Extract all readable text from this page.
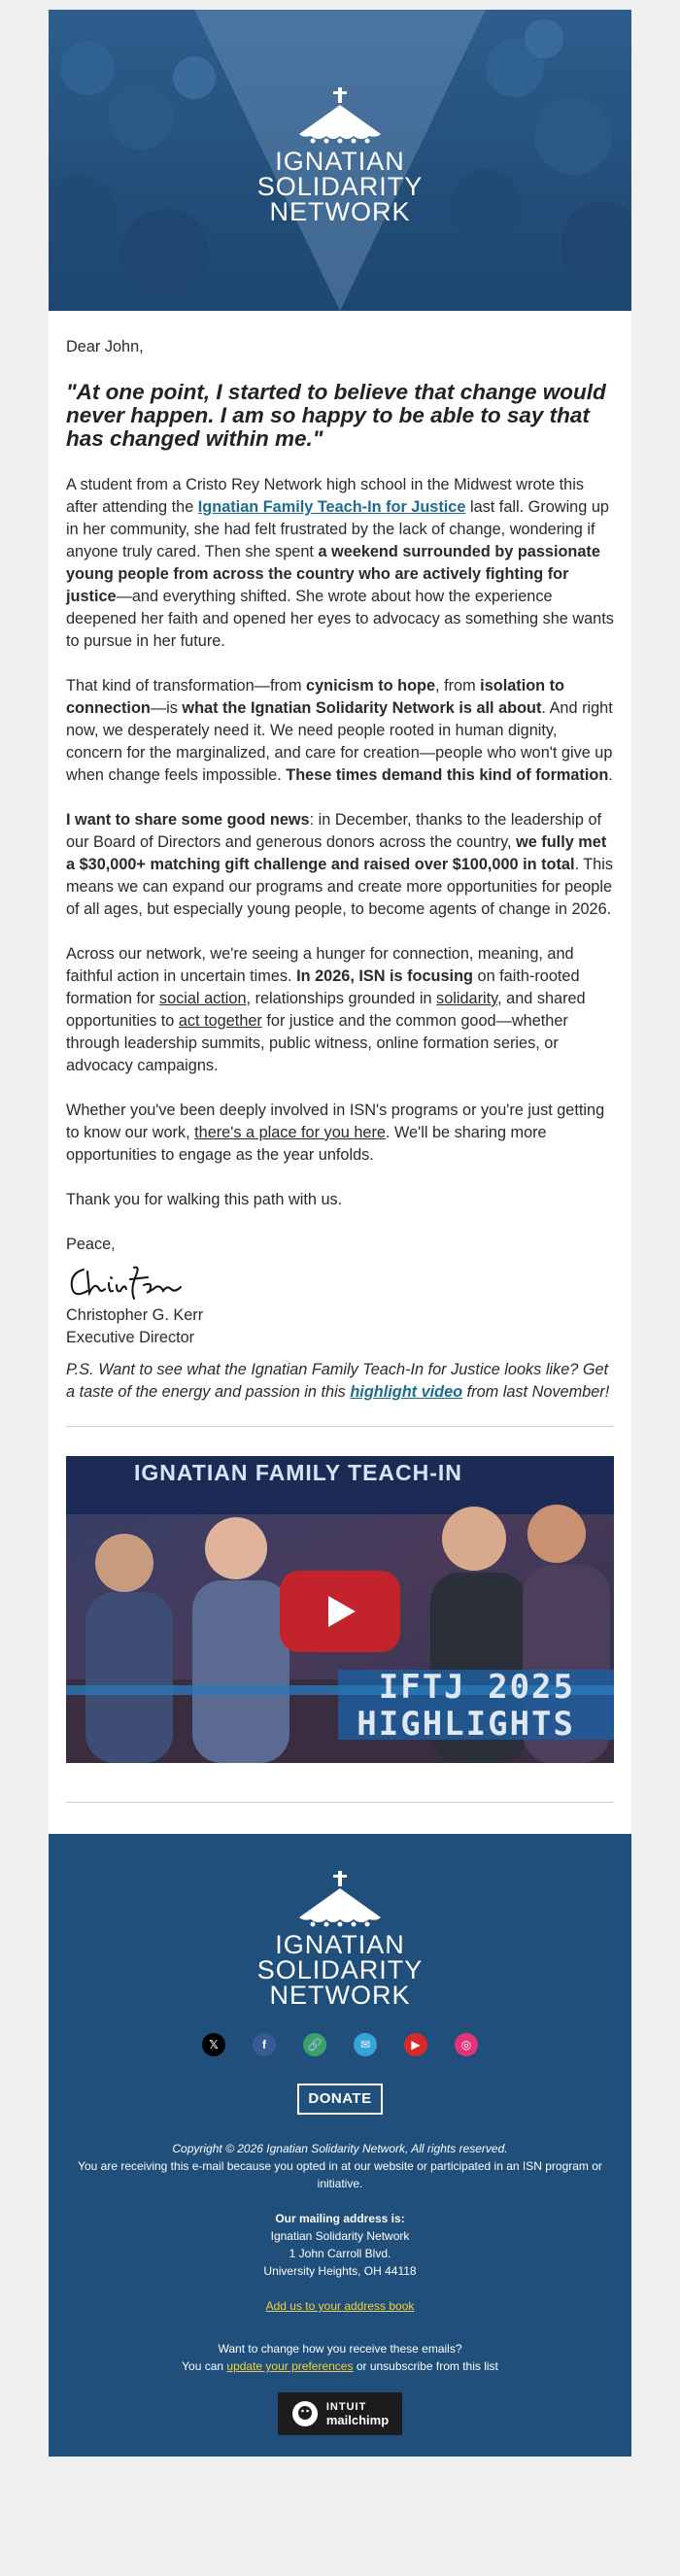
IGNATIAN
SOLIDARITY
NETWORK

Dear John,

"At one point, I started to believe that change would never happen. I am so happy to be able to say that has changed within me."

A student from a Cristo Rey Network high school in the Midwest wrote this after attending the Ignatian Family Teach-In for Justice last fall. Growing up in her community, she had felt frustrated by the lack of change, wondering if anyone truly cared. Then she spent a weekend surrounded by passionate young people from across the country who are actively fighting for justice—and everything shifted. She wrote about how the experience deepened her faith and opened her eyes to advocacy as something she wants to pursue in her future.

That kind of transformation—from cynicism to hope, from isolation to connection—is what the Ignatian Solidarity Network is all about. And right now, we desperately need it. We need people rooted in human dignity, concern for the marginalized, and care for creation—people who won't give up when change feels impossible. These times demand this kind of formation.

I want to share some good news: in December, thanks to the leadership of our Board of Directors and generous donors across the country, we fully met a $30,000+ matching gift challenge and raised over $100,000 in total. This means we can expand our programs and create more opportunities for people of all ages, but especially young people, to become agents of change in 2026.

Across our network, we're seeing a hunger for connection, meaning, and faithful action in uncertain times. In 2026, ISN is focusing on faith-rooted formation for social action, relationships grounded in solidarity, and shared opportunities to act together for justice and the common good—whether through leadership summits, public witness, online formation series, or advocacy campaigns.

Whether you've been deeply involved in ISN's programs or you're just getting to know our work, there's a place for you here. We'll be sharing more opportunities to engage as the year unfolds.

Thank you for walking this path with us.

Peace,
Christopher G. Kerr
Executive Director

P.S. Want to see what the Ignatian Family Teach-In for Justice looks like? Get a taste of the energy and passion in this highlight video from last November!

IGNATIAN FAMILY TEACH-IN
IFTJ 2025
HIGHLIGHTS
IGNATIAN
SOLIDARITY
NETWORK
𝕏	f	🔗	✉	▶	◎
DONATE
Copyright © 2026 Ignatian Solidarity Network, All rights reserved.
You are receiving this e-mail because you opted in at our website or participated in an ISN program or initiative.
Our mailing address is:
Ignatian Solidarity Network
1 John Carroll Blvd.
University Heights, OH 44118
Add us to your address book
Want to change how you receive these emails?
You can update your preferences or unsubscribe from this list
INTUIT
mailchimp
